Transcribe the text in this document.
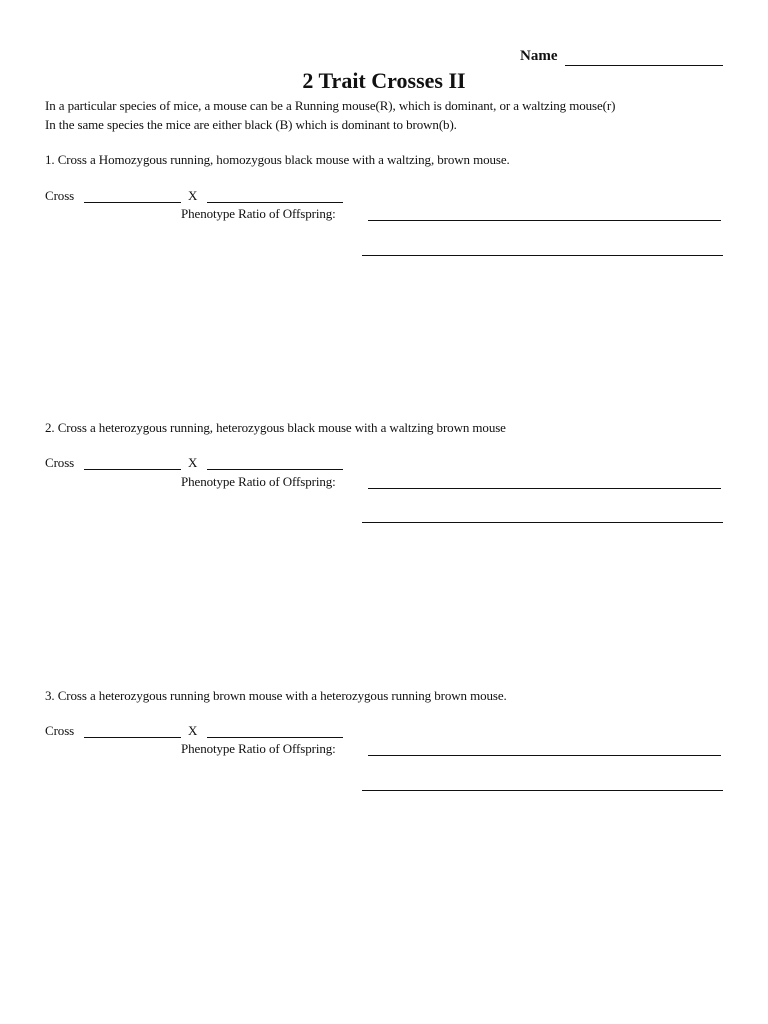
Name
2 Trait Crosses II
In a particular species of mice, a mouse can be a Running mouse(R), which is dominant, or a waltzing mouse(r)
In the same species the mice are either black (B) which is dominant to brown(b).
1. Cross a Homozygous running, homozygous black mouse with a waltzing, brown mouse.
Cross	X
Phenotype Ratio of Offspring:
2. Cross a heterozygous running, heterozygous black mouse with a waltzing brown mouse
Cross	X
Phenotype Ratio of Offspring:
3. Cross a heterozygous running brown mouse with a heterozygous running brown mouse.
Cross	X
Phenotype Ratio of Offspring:
